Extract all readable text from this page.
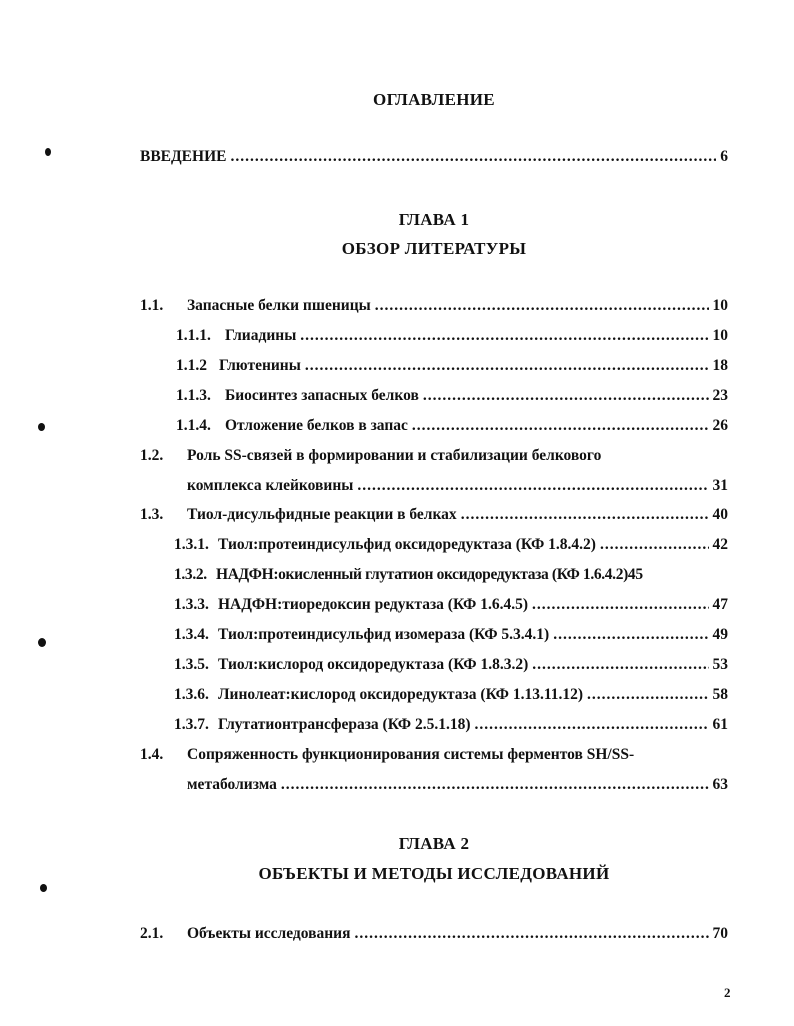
ОГЛАВЛЕНИЕ
ВВЕДЕНИЕ .....	6
ГЛАВА 1
ОБЗОР ЛИТЕРАТУРЫ
1.1.	Запасные белки пшеницы .....	10
1.1.1. Глиадины .....	10
1.1.2 Глютенины .....	18
1.1.3. Биосинтез запасных белков .....	23
1.1.4. Отложение белков в запас .....	26
1.2.	Роль SS-связей в формировании и стабилизации белкового
комплекса клейковины .....	31
1.3.	Тиол-дисульфидные реакции в белках .....	40
1.3.1. Тиол:протеиндисульфид оксидоредуктаза (КФ 1.8.4.2) .....	42
1.3.2. НАДФН:окисленный глутатион оксидоредуктаза (КФ 1.6.4.2) 45
1.3.3. НАДФН:тиоредоксин редуктаза (КФ 1.6.4.5) .....	47
1.3.4. Тиол:протеиндисульфид изомераза (КФ 5.3.4.1) .....	49
1.3.5. Тиол:кислород оксидоредуктаза (КФ 1.8.3.2) .....	53
1.3.6. Линолеат:кислород оксидоредуктаза (КФ 1.13.11.12) .....	58
1.3.7. Глутатионтрансфераза (КФ 2.5.1.18) .....	61
1.4.	Сопряженность функционирования системы ферментов SH/SS-
метаболизма .....	63
ГЛАВА 2
ОБЪЕКТЫ И МЕТОДЫ ИССЛЕДОВАНИЙ
2.1.	Объекты исследования .....	70
2
